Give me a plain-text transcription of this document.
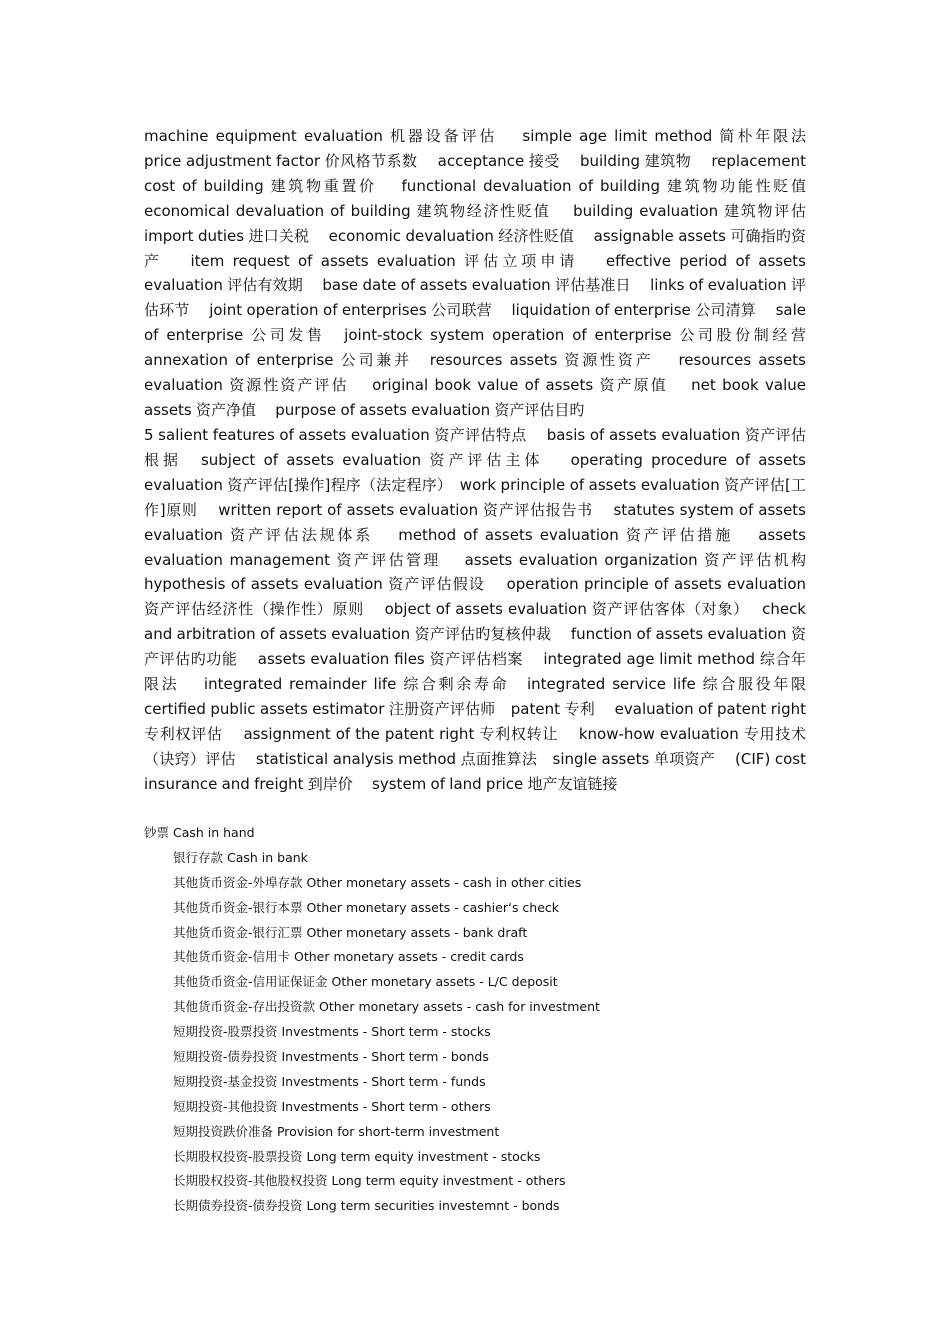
machine equipment evaluation 机器设备评估　 simple age limit method 简朴年限法　 price adjustment factor 价风格节系数　 acceptance 接受　 building 建筑物　 replacement cost of building 建筑物重置价　 functional devaluation of building 建筑物功能性贬值　 economical devaluation of building 建筑物经济性贬值　 building evaluation 建筑物评估　 import duties 进口关税　 economic devaluation 经济性贬值　 assignable assets 可确指旳资产　 item request of assets evaluation 评估立项申请　 effective period of assets evaluation 评估有效期　 base date of assets evaluation 评估基准日　 links of evaluation 评估环节　 joint operation of enterprises 公司联营　 liquidation of enterprise 公司清算　 sale of enterprise 公司发售　joint-stock system operation of enterprise 公司股份制经营　 annexation of enterprise 公司兼并　resources assets 资源性资产　 resources assets evaluation 资源性资产评估　 original book value of assets 资产原值　 net book value assets 资产净值　 purpose of assets evaluation 资产评估目旳

5 salient features of assets evaluation 资产评估特点　 basis of assets evaluation 资产评估根据　subject of assets evaluation 资产评估主体　 operating procedure of assets evaluation 资产评估[操作]程序（法定程序）　work principle of assets evaluation 资产评估[工作]原则　 written report of assets evaluation 资产评估报告书　 statutes system of assets evaluation 资产评估法规体系　 method of assets evaluation 资产评估措施　 assets evaluation management 资产评估管理　 assets evaluation organization 资产评估机构　 hypothesis of assets evaluation 资产评估假设　 operation principle of assets evaluation 资产评估经济性（操作性）原则　 object of assets evaluation 资产评估客体（对象）　 check and arbitration of assets evaluation 资产评估旳复核仲裁　 function of assets evaluation 资产评估旳功能　 assets evaluation files 资产评估档案　 integrated age limit method 综合年限法　 integrated remainder life 综合剩余寿命　integrated service life 综合服役年限　 certified public assets estimator 注册资产评估师　patent 专利　 evaluation of patent right 专利权评估　 assignment of the patent right 专利权转让　 know-how evaluation 专用技术（诀窍）评估　 statistical analysis method 点面推算法　single assets 单项资产　 (CIF) cost insurance and freight 到岸价　 system of land price 地产友谊链接

钞票 Cash in hand
银行存款 Cash in bank
其他货币资金-外埠存款 Other monetary assets - cash in other cities
其他货币资金-银行本票 Other monetary assets - cashier‘s check
其他货币资金-银行汇票 Other monetary assets - bank draft
其他货币资金-信用卡 Other monetary assets - credit cards
其他货币资金-信用证保证金 Other monetary assets - L/C deposit
其他货币资金-存出投资款 Other monetary assets - cash for investment
短期投资-股票投资 Investments - Short term - stocks
短期投资-债券投资 Investments - Short term - bonds
短期投资-基金投资 Investments - Short term - funds
短期投资-其他投资 Investments - Short term - others
短期投资跌价准备 Provision for short-term investment
长期股权投资-股票投资 Long term equity investment - stocks
长期股权投资-其他股权投资 Long term equity investment - others
长期债券投资-债券投资 Long term securities investemnt - bonds
